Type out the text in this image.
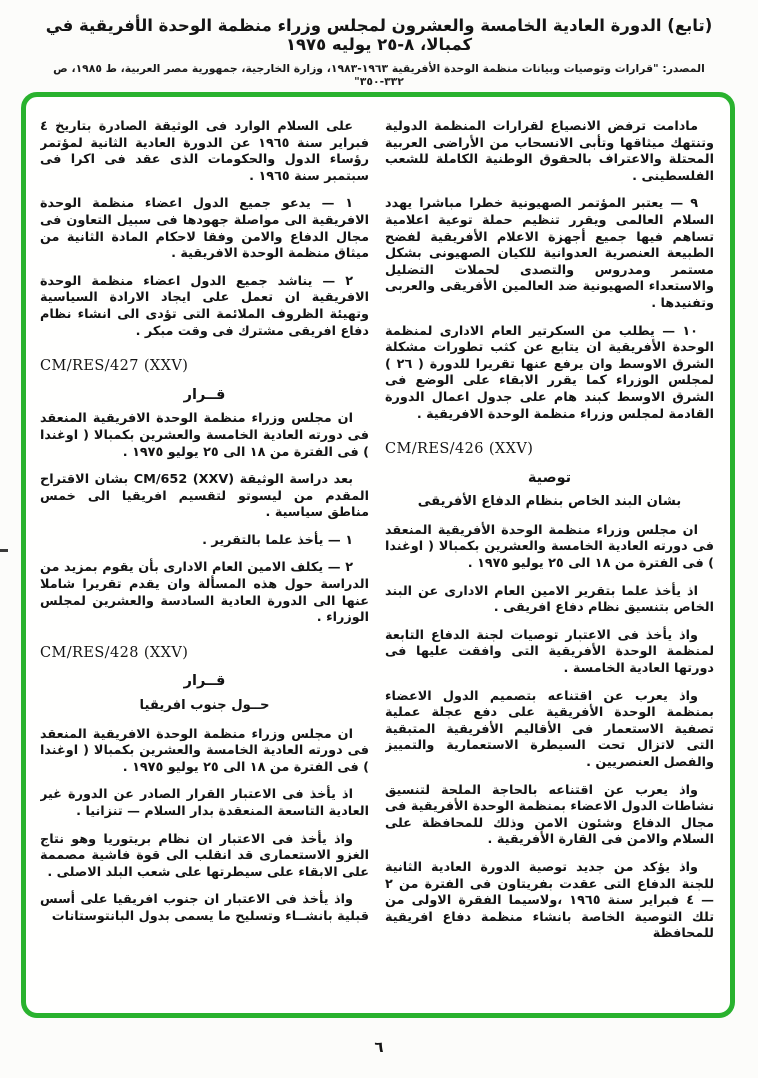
(تابع) الدورة العادية الخامسة والعشرون لمجلس وزراء منظمة الوحدة الأفريقية في كمبالا، ٨-٢٥ يوليه ١٩٧٥
المصدر: "قرارات وتوصيات وبيانات منظمة الوحدة الأفريقية ١٩٦٣-١٩٨٣، وزارة الخارجية، جمهورية مصر العربية، ط ١٩٨٥، ص ٣٣٢-٣٥٠"
مادامت ترفض الانصياع لقرارات المنظمة الدولية وتنتهك ميثاقها وتأبى الانسحاب من الأراضى العربية المحتلة والاعتراف بالحقوق الوطنية الكاملة للشعب الفلسطينى .
٩ — يعتبر المؤتمر الصهيونية خطرا مباشرا يهدد السلام العالمى ويقرر تنظيم حملة توعية اعلامية تساهم فيها جميع أجهزة الاعلام الأفريقية لفضح الطبيعة العنصرية العدوانية للكيان الصهيونى بشكل مستمر ومدروس والتصدى لحملات التضليل والاستعداء الصهيونية ضد العالمين الأفريقى والعربى وتفنيدها .
١٠ — يطلب من السكرتير العام الادارى لمنظمة الوحدة الأفريقية ان يتابع عن كثب تطورات مشكلة الشرق الاوسط وان يرفع عنها تقريرا للدورة ( ٢٦ ) لمجلس الوزراء كما يقرر الابقاء على الوضع فى الشرق الاوسط كبند هام على جدول اعمال الدورة القادمة لمجلس وزراء منظمة الوحدة الافريقية .
CM/RES/426 (XXV)
توصية
بشان البند الخاص بنظام الدفاع الأفريقى
ان مجلس وزراء منظمة الوحدة الأفريقية المنعقد فى دورته العادية الخامسة والعشرين بكمبالا ( اوغندا ) فى الفترة من ١٨ الى ٢٥ يوليو ١٩٧٥ .
اذ يأخذ علما بتقرير الامين العام الادارى عن البند الخاص بتنسيق نظام دفاع افريقى .
واذ يأخذ فى الاعتبار توصيات لجنة الدفاع التابعة لمنظمة الوحدة الأفريقية التى وافقت عليها فى دورتها العادية الخامسة .
واذ يعرب عن اقتناعه بتصميم الدول الاعضاء بمنظمة الوحدة الأفريقية على دفع عجلة عملية تصفية الاستعمار فى الأقاليم الأفريقية المتبقية التى لاتزال تحت السيطرة الاستعمارية والتمييز والفصل العنصريين .
واذ يعرب عن اقتناعه بالحاجة الملحة لتنسيق نشاطات الدول الاعضاء بمنظمة الوحدة الأفريقية فى مجال الدفاع وشئون الامن وذلك للمحافظة على السلام والامن فى القارة الأفريقية .
واذ يؤكد من جديد توصية الدورة العادية الثانية للجنة الدفاع التى عقدت بفريتاون فى الفترة من ٢ — ٤ فبراير سنة ١٩٦٥ ،ولاسيما الفقرة الاولى من تلك التوصية الخاصة بانشاء منظمة دفاع افريقية للمحافظة
على السلام الوارد فى الوثيقة الصادرة بتاريخ ٤ فبراير سنة ١٩٦٥ عن الدورة العادية الثانية لمؤتمر رؤساء الدول والحكومات الذى عقد فى اكرا فى سبتمبر سنة ١٩٦٥ .
١ — يدعو جميع الدول اعضاء منظمة الوحدة الافريقية الى مواصلة جهودها فى سبيل التعاون فى مجال الدفاع والامن وفقا لاحكام المادة الثانية من ميثاق منظمة الوحدة الافريقية .
٢ — يناشد جميع الدول اعضاء منظمة الوحدة الافريقية ان تعمل على ايجاد الارادة السياسية وتهيئة الظروف الملائمة التى تؤدى الى انشاء نظام دفاع افريقى مشترك فى وقت مبكر .
CM/RES/427 (XXV)
قــرار
ان مجلس وزراء منظمة الوحدة الافريقية المنعقد فى دورته العادية الخامسة والعشرين بكمبالا ( اوغندا ) فى الفترة من ١٨ الى ٢٥ يوليو ١٩٧٥ .
بعد دراسة الوثيقة CM/652 (XXV) بشان الاقتراح المقدم من ليسوتو لتقسيم افريقيا الى خمس مناطق سياسية .
١ — يأخذ علما بالتقرير .
٢ — يكلف الامين العام الادارى بأن يقوم بمزيد من الدراسة حول هذه المسألة وان يقدم تقريرا شاملا عنها الى الدورة العادية السادسة والعشرين لمجلس الوزراء .
CM/RES/428 (XXV)
قــرار
حــول جنوب افريقيا
ان مجلس وزراء منظمة الوحدة الافريقية المنعقد فى دورته العادية الخامسة والعشرين بكمبالا ( اوغندا ) فى الفترة من ١٨ الى ٢٥ يوليو ١٩٧٥ .
اذ يأخذ فى الاعتبار القرار الصادر عن الدورة غير العادية التاسعة المنعقدة بدار السلام — تنزانيا .
واذ يأخذ فى الاعتبار ان نظام بريتوريا وهو نتاج الغزو الاستعمارى قد انقلب الى قوة فاشية مصممة على الابقاء على سيطرتها على شعب البلد الاصلى .
واذ يأخذ فى الاعتبار ان جنوب افريقيا على أسس قبلية بانشــاء وتسليح ما يسمى بدول البانتوستانات
٦
